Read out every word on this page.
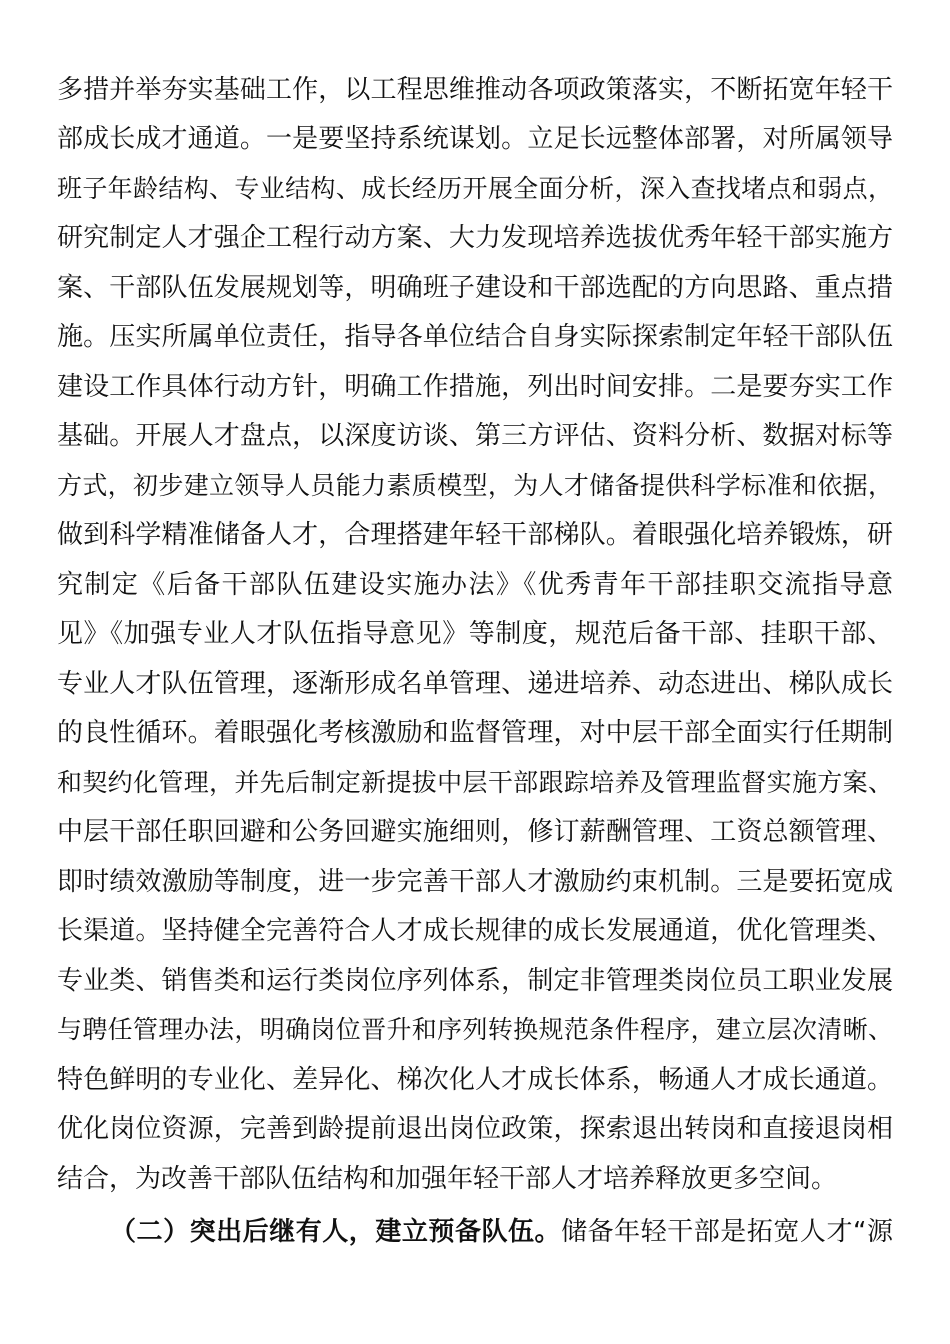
多措并举夯实基础工作，以工程思维推动各项政策落实，不断拓宽年轻干
部成长成才通道。一是要坚持系统谋划。立足长远整体部署，对所属领导
班子年龄结构、专业结构、成长经历开展全面分析，深入查找堵点和弱点，
研究制定人才强企工程行动方案、大力发现培养选拔优秀年轻干部实施方
案、干部队伍发展规划等，明确班子建设和干部选配的方向思路、重点措
施。压实所属单位责任，指导各单位结合自身实际探索制定年轻干部队伍
建设工作具体行动方针，明确工作措施，列出时间安排。二是要夯实工作
基础。开展人才盘点，以深度访谈、第三方评估、资料分析、数据对标等
方式，初步建立领导人员能力素质模型，为人才储备提供科学标准和依据，
做到科学精准储备人才，合理搭建年轻干部梯队。着眼强化培养锻炼，研
究制定《后备干部队伍建设实施办法》《优秀青年干部挂职交流指导意
见》《加强专业人才队伍指导意见》等制度，规范后备干部、挂职干部、
专业人才队伍管理，逐渐形成名单管理、递进培养、动态进出、梯队成长
的良性循环。着眼强化考核激励和监督管理，对中层干部全面实行任期制
和契约化管理，并先后制定新提拔中层干部跟踪培养及管理监督实施方案、
中层干部任职回避和公务回避实施细则，修订薪酬管理、工资总额管理、
即时绩效激励等制度，进一步完善干部人才激励约束机制。三是要拓宽成
长渠道。坚持健全完善符合人才成长规律的成长发展通道，优化管理类、
专业类、销售类和运行类岗位序列体系，制定非管理类岗位员工职业发展
与聘任管理办法，明确岗位晋升和序列转换规范条件程序，建立层次清晰、
特色鲜明的专业化、差异化、梯次化人才成长体系，畅通人才成长通道。
优化岗位资源，完善到龄提前退出岗位政策，探索退出转岗和直接退岗相
结合，为改善干部队伍结构和加强年轻干部人才培养释放更多空间。
（二）突出后继有人，建立预备队伍。储备年轻干部是拓宽人才“源
